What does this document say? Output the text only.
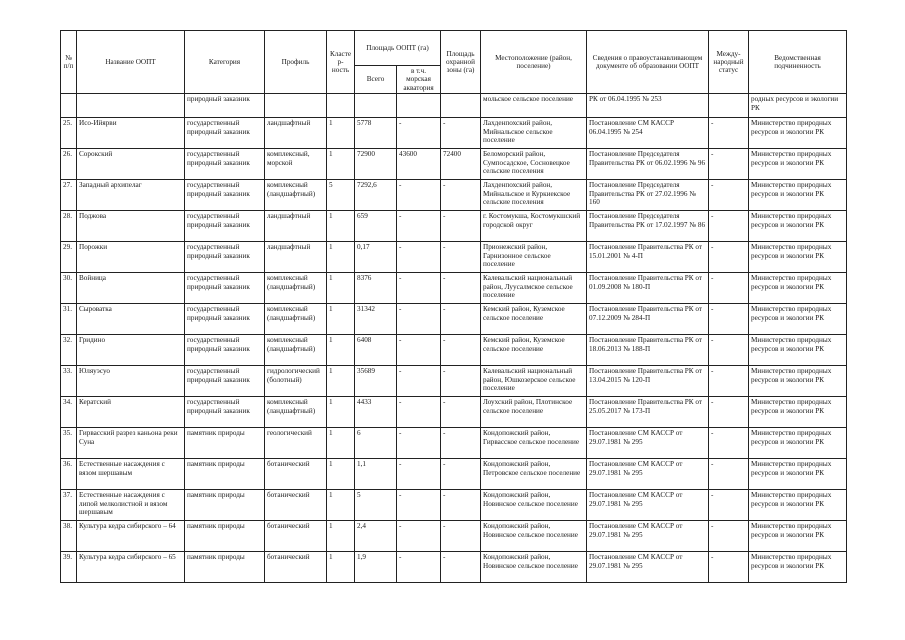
№ п/п	Название ООПТ	Категория	Профиль	Кластер-ность	Площадь ООПТ (га)		Площадь охранной зоны (га)	Местоположение (район, поселение)	Сведения о правоустанавливающем документе об образовании ООПТ	Между-народный статус	Ведомственная подчиненность
					Всего	в т.ч. морская акватория					
		природный заказник						мольское сельское поселение	РК от 06.04.1995 № 253		родных ресурсов и экологии РК
25.	Исо-Ийярви	государственный природный заказник	ландшафтный	1	5778	-	-	Лахденпохский район, Мийнальское сельское поселение	Постановление СМ КАССР 06.04.1995 № 254	-	Министерство природных ресурсов и экологии РК
26.	Сорокский	государственный природный заказник	комплексный, морской	1	72900	43600	72400	Беломорский район, Сумпосадское, Сосновецкое сельские поселения	Постановление Председателя Правительства РК от 06.02.1996 № 96	-	Министерство природных ресурсов и экологии РК
27.	Западный архипелаг	государственный природный заказник	комплексный (ландшафтный)	5	7292,6	-	-	Лахденпохский район, Мийнальское и Куркиекское сельские поселения	Постановление Председателя Правительства РК от 27.02.1996 № 160	-	Министерство природных ресурсов и экологии РК
28.	Поджова	государственный природный заказник	ландшафтный	1	659	-	-	г. Костомукша, Костомукшский городской округ	Постановление Председателя Правительства РК от 17.02.1997 № 86	-	Министерство природных ресурсов и экологии РК
29.	Порожки	государственный природный заказник	ландшафтный	1	0,17	-	-	Прионежский район, Гарнизонное сельское поселение	Постановление Правительства РК от 15.01.2001 № 4-П	-	Министерство природных ресурсов и экологии РК
30.	Войница	государственный природный заказник	комплексный (ландшафтный)	1	8376	-	-	Калевальский национальный район, Луусалмское сельское поселение	Постановление Правительства РК от 01.09.2008 № 180-П	-	Министерство природных ресурсов и экологии РК
31.	Сыроватка	государственный природный заказник	комплексный (ландшафтный)	1	31342	-	-	Кемский район, Куземское сельское поселение	Постановление Правительства РК от 07.12.2009 № 284-П	-	Министерство природных ресурсов и экологии РК
32.	Гридино	государственный природный заказник	комплексный (ландшафтный)	1	6408	-	-	Кемский район, Куземское сельское поселение	Постановление Правительства РК от 18.06.2013 № 188-П	-	Министерство природных ресурсов и экологии РК
33.	Юляуэсуо	государственный природный заказник	гидрологический (болотный)	1	35689	-	-	Калевальский национальный район, Юшкозерское сельское поселение	Постановление Правительства РК от 13.04.2015 № 120-П	-	Министерство природных ресурсов и экологии РК
34.	Кератский	государственный природный заказник	комплексный (ландшафтный)	1	4433	-	-	Лоухский район, Плотинское сельское поселение	Постановление Правительства РК от 25.05.2017 № 173-П	-	Министерство природных ресурсов и экологии РК
35.	Гирвасский разрез каньона реки Суна	памятник природы	геологический	1	6	-	-	Кондопожский район, Гирвасское сельское поселение	Постановление СМ КАССР от 29.07.1981 № 295	-	Министерство природных ресурсов и экологии РК
36.	Естественные насаждения с вязом шершавым	памятник природы	ботанический	1	1,1	-	-	Кондопожский район, Петровское сельское поселение	Постановление СМ КАССР от 29.07.1981 № 295	-	Министерство природных ресурсов и экологии РК
37.	Естественные насаждения с липой мелколистной и вязом шершавым	памятник природы	ботанический	1	5	-	-	Кондопожский район, Новинское сельское поселение	Постановление СМ КАССР от 29.07.1981 № 295	-	Министерство природных ресурсов и экологии РК
38.	Культура кедра сибирского – 64	памятник природы	ботанический	1	2,4	-	-	Кондопожский район, Новинское сельское поселение	Постановление СМ КАССР от 29.07.1981 № 295	-	Министерство природных ресурсов и экологии РК
39.	Культура кедра сибирского – 65	памятник природы	ботанический	1	1,9	-	-	Кондопожский район, Новинское сельское поселение	Постановление СМ КАССР от 29.07.1981 № 295	-	Министерство природных ресурсов и экологии РК
